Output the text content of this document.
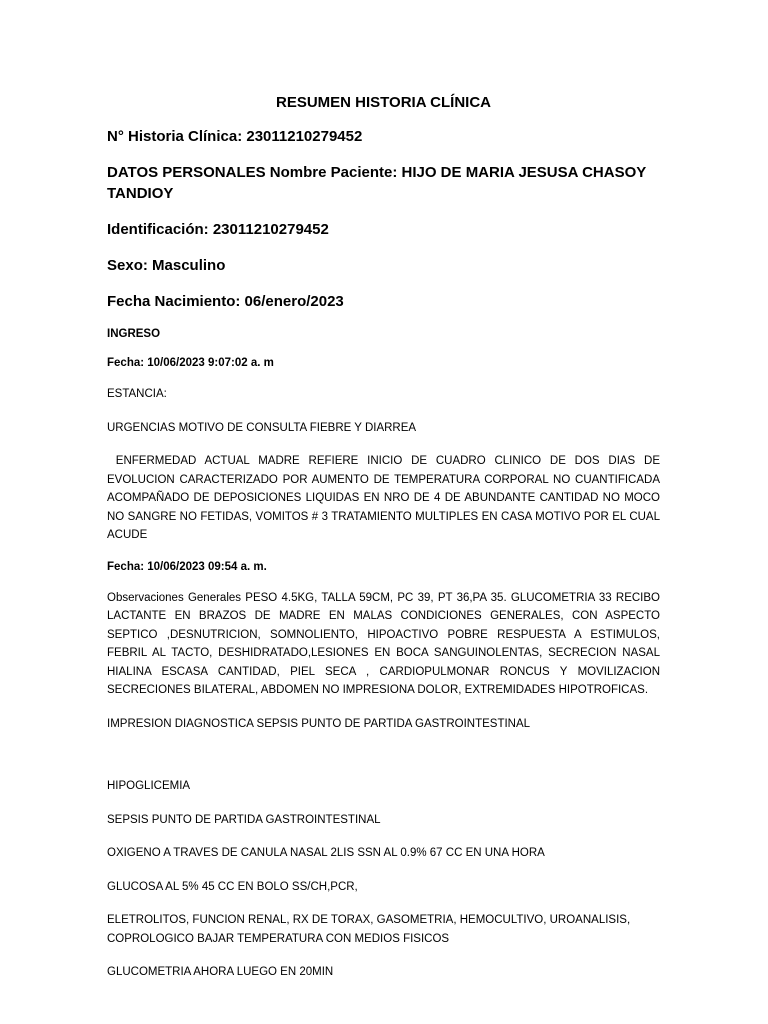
RESUMEN HISTORIA CLÍNICA

N° Historia Clínica: 23011210279452

DATOS PERSONALES Nombre Paciente: HIJO DE MARIA JESUSA CHASOY TANDIOY

Identificación: 23011210279452

Sexo: Masculino

Fecha Nacimiento: 06/enero/2023

INGRESO

Fecha: 10/06/2023 9:07:02 a. m

ESTANCIA:

URGENCIAS MOTIVO DE CONSULTA FIEBRE Y DIARREA

ENFERMEDAD ACTUAL MADRE REFIERE INICIO DE CUADRO CLINICO DE DOS DIAS DE EVOLUCION CARACTERIZADO POR AUMENTO DE TEMPERATURA CORPORAL NO CUANTIFICADA ACOMPAÑADO DE DEPOSICIONES LIQUIDAS EN NRO DE 4 DE ABUNDANTE CANTIDAD NO MOCO NO SANGRE NO FETIDAS, VOMITOS # 3 TRATAMIENTO MULTIPLES EN CASA MOTIVO POR EL CUAL ACUDE

Fecha: 10/06/2023 09:54 a. m.

Observaciones Generales PESO 4.5KG, TALLA 59CM, PC 39, PT 36,PA 35. GLUCOMETRIA 33 RECIBO LACTANTE EN BRAZOS DE MADRE EN MALAS CONDICIONES GENERALES, CON ASPECTO SEPTICO ,DESNUTRICION, SOMNOLIENTO, HIPOACTIVO POBRE RESPUESTA A ESTIMULOS, FEBRIL AL TACTO, DESHIDRATADO,LESIONES EN BOCA SANGUINOLENTAS, SECRECION NASAL HIALINA ESCASA CANTIDAD, PIEL SECA , CARDIOPULMONAR RONCUS Y MOVILIZACION SECRECIONES BILATERAL, ABDOMEN NO IMPRESIONA DOLOR, EXTREMIDADES HIPOTROFICAS.

IMPRESION DIAGNOSTICA SEPSIS PUNTO DE PARTIDA GASTROINTESTINAL

HIPOGLICEMIA

SEPSIS PUNTO DE PARTIDA GASTROINTESTINAL

OXIGENO A TRAVES DE CANULA NASAL 2LIS SSN AL 0.9% 67 CC EN UNA HORA

GLUCOSA AL 5% 45 CC EN BOLO SS/CH,PCR,

ELETROLITOS, FUNCION RENAL, RX DE TORAX, GASOMETRIA, HEMOCULTIVO, UROANALISIS, COPROLOGICO BAJAR TEMPERATURA CON MEDIOS FISICOS

GLUCOMETRIA AHORA LUEGO EN 20MIN
